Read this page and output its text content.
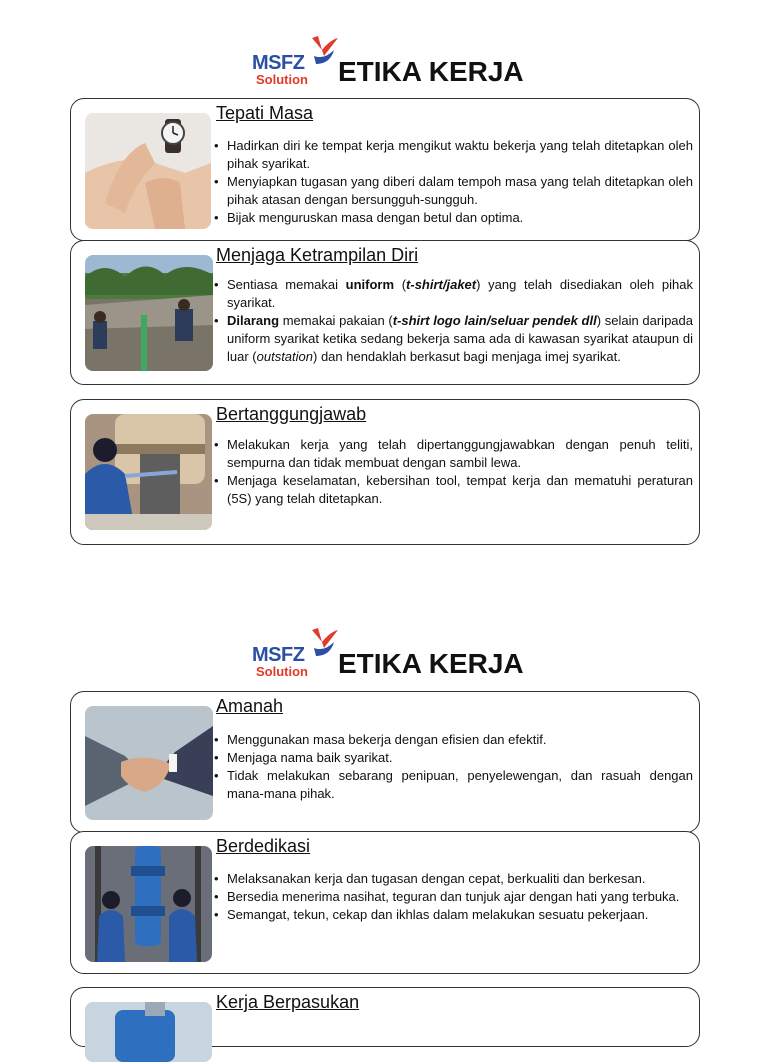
MSFZ
Solution ETIKA KERJA
Tepati Masa
• Hadirkan diri ke tempat kerja mengikut waktu bekerja yang telah ditetapkan oleh pihak syarikat.
• Menyiapkan tugasan yang diberi dalam tempoh masa yang telah ditetapkan oleh pihak atasan dengan bersungguh-sungguh.
• Bijak menguruskan masa dengan betul dan optima.
Menjaga Ketrampilan Diri
• Sentiasa memakai uniform (t-shirt/jaket) yang telah disediakan oleh pihak syarikat.
• Dilarang memakai pakaian (t-shirt logo lain/seluar pendek dll) selain daripada uniform syarikat ketika sedang bekerja sama ada di kawasan syarikat ataupun di luar (outstation) dan hendaklah berkasut bagi menjaga imej syarikat.
Bertanggungjawab
• Melakukan kerja yang telah dipertanggungjawabkan dengan penuh teliti, sempurna dan tidak membuat dengan sambil lewa.
• Menjaga keselamatan, kebersihan tool, tempat kerja dan mematuhi peraturan (5S) yang telah ditetapkan.
MSFZ
Solution ETIKA KERJA
Amanah
• Menggunakan masa bekerja dengan efisien dan efektif.
• Menjaga nama baik syarikat.
• Tidak melakukan sebarang penipuan, penyelewengan, dan rasuah dengan mana-mana pihak.
Berdedikasi
• Melaksanakan kerja dan tugasan dengan cepat, berkualiti dan berkesan.
• Bersedia menerima nasihat, teguran dan tunjuk ajar dengan hati yang terbuka.
• Semangat, tekun, cekap dan ikhlas dalam melakukan sesuatu pekerjaan.
Kerja Berpasukan
